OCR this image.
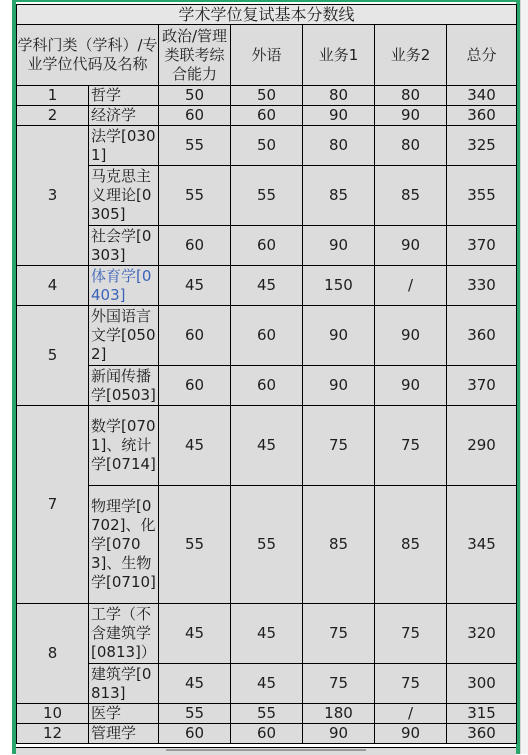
学术学位复试基本分数线						
学科门类（学科）/专业学位代码及名称		政治/管理类联考综合能力	外语	业务1	业务2	总分
1	哲学	50	50	80	80	340
2	经济学	60	60	90	90	360
3	法学[0301]	55	50	80	80	325
	马克思主义理论[0305]	55	55	85	85	355
	社会学[0303]	60	60	90	90	370
4	体育学[0403]	45	45	150	/	330
5	外国语言文学[0502]	60	60	90	90	360
	新闻传播学[0503]	60	60	90	90	370
7	数学[0701]、统计学[0714]	45	45	75	75	290
	物理学[0702]、化学[0703]、生物学[0710]	55	55	85	85	345
8	工学（不含建筑学[0813]）	45	45	75	75	320
	建筑学[0813]	45	45	75	75	300
10	医学	55	55	180	/	315
12	管理学	60	60	90	90	360
